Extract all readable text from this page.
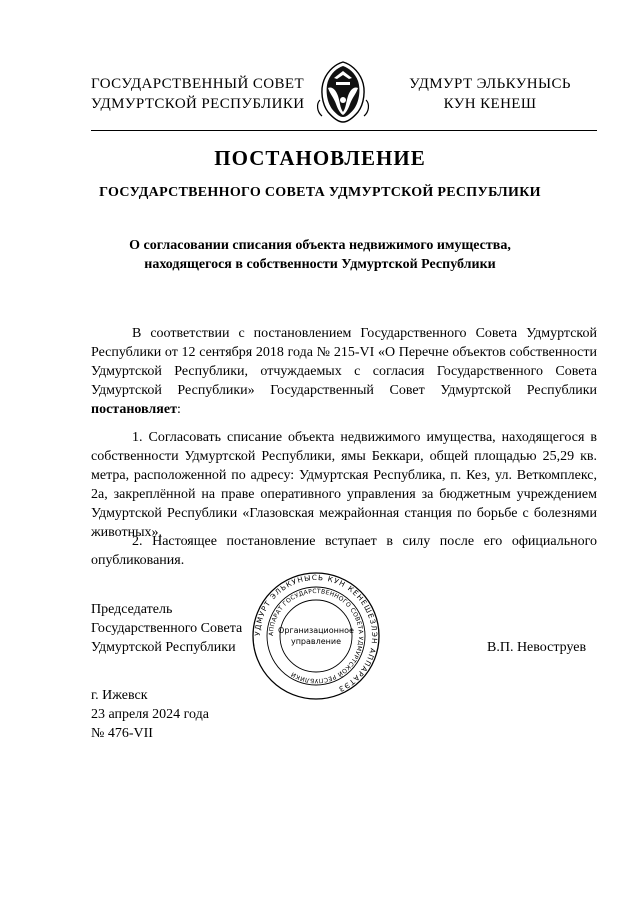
ГОСУДАРСТВЕННЫЙ СОВЕТ
УДМУРТСКОЙ РЕСПУБЛИКИ
УДМУРТ ЭЛЬКУНЫСЬ
КУН КЕНЕШ
ПОСТАНОВЛЕНИЕ
ГОСУДАРСТВЕННОГО СОВЕТА УДМУРТСКОЙ РЕСПУБЛИКИ
О согласовании списания объекта недвижимого имущества,
находящегося в собственности Удмуртской Республики
В соответствии с постановлением Государственного Совета Удмуртской Республики от 12 сентября 2018 года № 215-VI «О Перечне объектов собственности Удмуртской Республики, отчуждаемых с согласия Государственного Совета Удмуртской Республики» Государственный Совет Удмуртской Республики постановляет:
1. Согласовать списание объекта недвижимого имущества, находящегося в собственности Удмуртской Республики, ямы Беккари, общей площадью 25,29 кв. метра, расположенной по адресу: Удмуртская Республика, п. Кез, ул. Веткомплекс, 2а, закреплённой на праве оперативного управления за бюджетным учреждением Удмуртской Республики «Глазовская межрайонная станция по борьбе с болезнями животных».
2. Настоящее постановление вступает в силу после его официального опубликования.
Председатель
Государственного Совета
Удмуртской Республики
УДМУРТ ЭЛЬКУНЫСЬ КУН КЕНЕШЕЗЛЭН АППАРАТЭЗ
АППАРАТ ГОСУДАРСТВЕННОГО СОВЕТА УДМУРТСКОЙ РЕСПУБЛИКИ
Организационное
управление	В.П. Невоструев
г. Ижевск
23 апреля 2024 года
№ 476-VII
